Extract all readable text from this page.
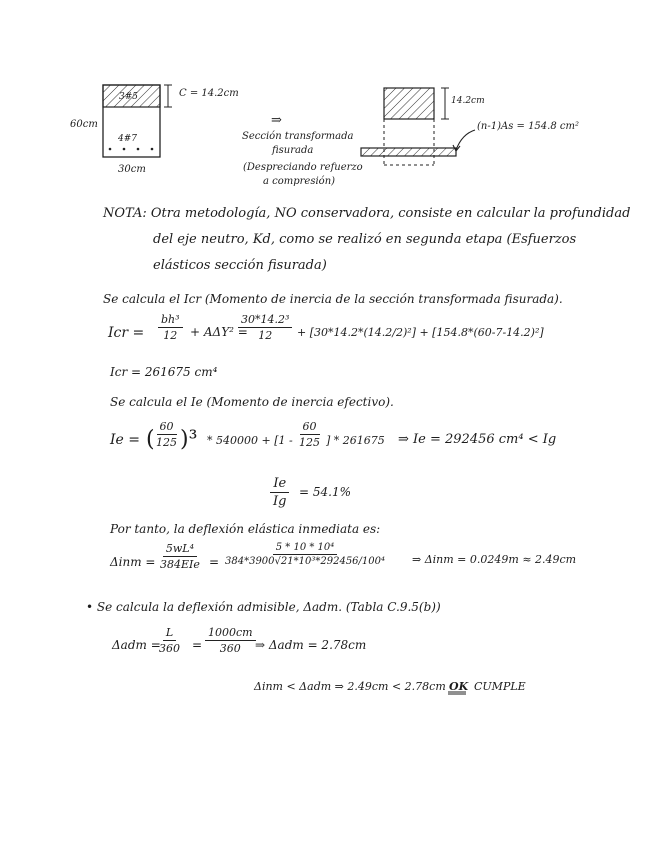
C = 14.2cm
3#5
4#7
60cm
30cm
⇒
Sección transformada
fisurada
(Despreciando refuerzo
a compresión)
14.2cm
(n-1)As = 154.8 cm²
NOTA: Otra metodología, NO conservadora, consiste en calcular la profundidad
del eje neutro, Kd, como se realizó en segunda etapa (Esfuerzos
elásticos sección fisurada)
Se calcula el Icr (Momento de inercia de la sección transformada fisurada).
Icr = $\frac{\text{bh³}}{12} + A\Delta Y^2$ =
$\frac{\text{30*14.2³}}{12} + [30*14.2*(14.2/2)^2] + [154.8*(60-7-14.2)^2]$
Icr = 261675 cm⁴
Se calcula el Ie (Momento de inercia efectivo).
Ie = (
$\frac{60}{125} )^3 * 540000 + [1 - \frac{60}{125}$ ] * 261675 ⇒ Ie = 292456 cm⁴ < Ig
$\frac{Ie}{Ig} = 54.1\%$
Por tanto, la deflexión elástica inmediata es:
Δinm =
5wL⁴
$384EIe = \frac{\text{5 * 10 * 10⁴}}{\text{384*3900√21*10³*292456/100⁴}}$ ⇒ Δinm = 0.0249m ≈ 2.49cm
• Se calcula la deflexión admisible, Δadm. (Tabla C.9.5(b))
Δadm =
$\frac{L}{360} = \frac{1000cm}{360}$ ⇒ Δadm = 2.78cm
Δinm < Δadm ⇒ 2.49cm < 2.78cm OK CUMPLE
